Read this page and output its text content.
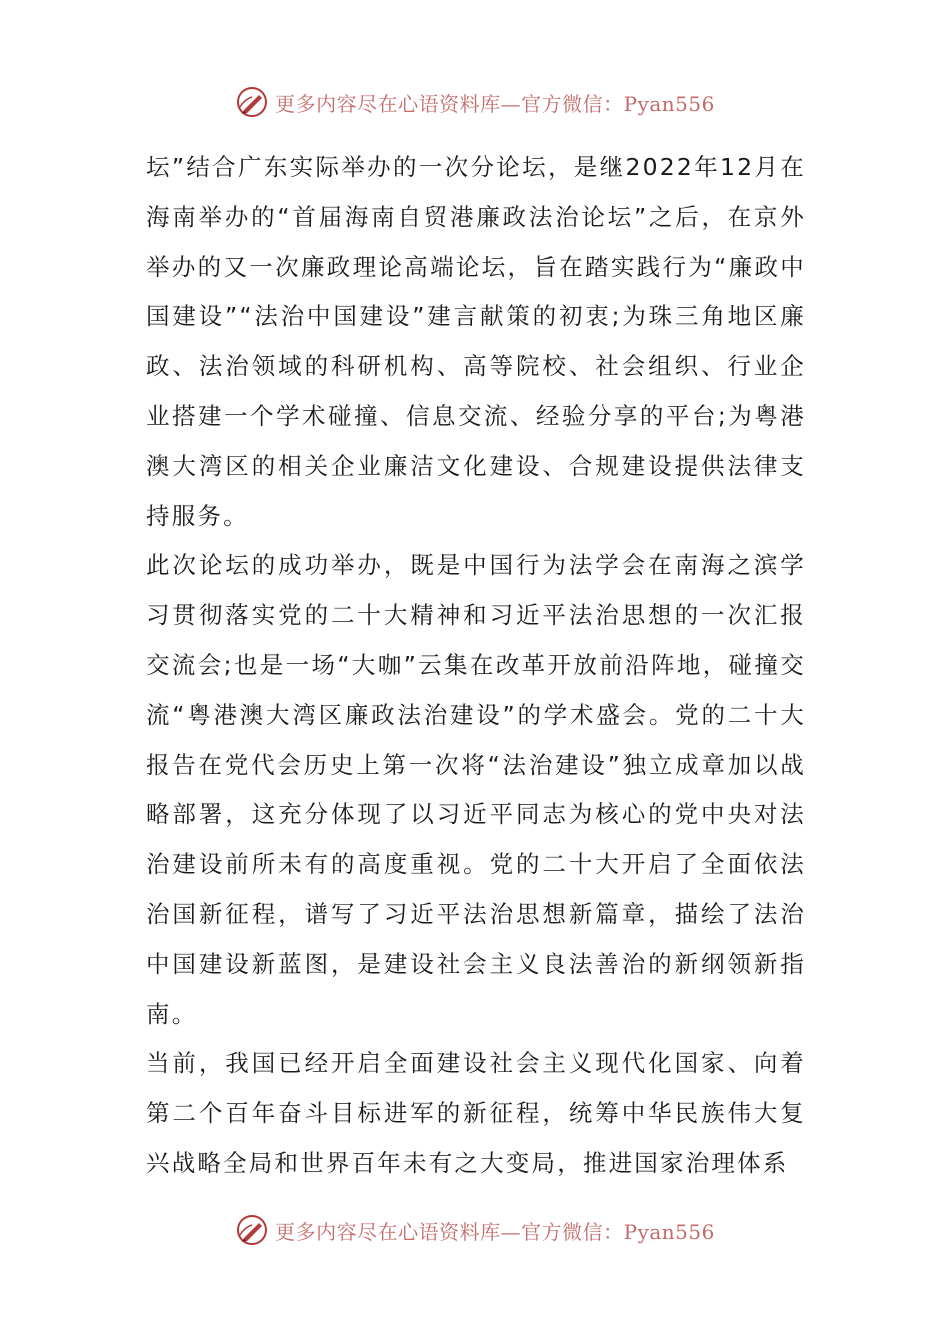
更多内容尽在心语资料库—官方微信：Pyan556

坛”结合广东实际举办的一次分论坛，是继2022年12月在海南举办的“首届海南自贸港廉政法治论坛”之后，在京外举办的又一次廉政理论高端论坛，旨在踏实践行为“廉政中国建设”“法治中国建设”建言献策的初衷;为珠三角地区廉政、法治领域的科研机构、高等院校、社会组织、行业企业搭建一个学术碰撞、信息交流、经验分享的平台;为粤港澳大湾区的相关企业廉洁文化建设、合规建设提供法律支持服务。

此次论坛的成功举办，既是中国行为法学会在南海之滨学习贯彻落实党的二十大精神和习近平法治思想的一次汇报交流会;也是一场“大咖”云集在改革开放前沿阵地，碰撞交流“粤港澳大湾区廉政法治建设”的学术盛会。党的二十大报告在党代会历史上第一次将“法治建设”独立成章加以战略部署，这充分体现了以习近平同志为核心的党中央对法治建设前所未有的高度重视。党的二十大开启了全面依法治国新征程，谱写了习近平法治思想新篇章，描绘了法治中国建设新蓝图，是建设社会主义良法善治的新纲领新指南。

当前，我国已经开启全面建设社会主义现代化国家、向着第二个百年奋斗目标进军的新征程，统筹中华民族伟大复兴战略全局和世界百年未有之大变局，推进国家治理体系

更多内容尽在心语资料库—官方微信：Pyan556
